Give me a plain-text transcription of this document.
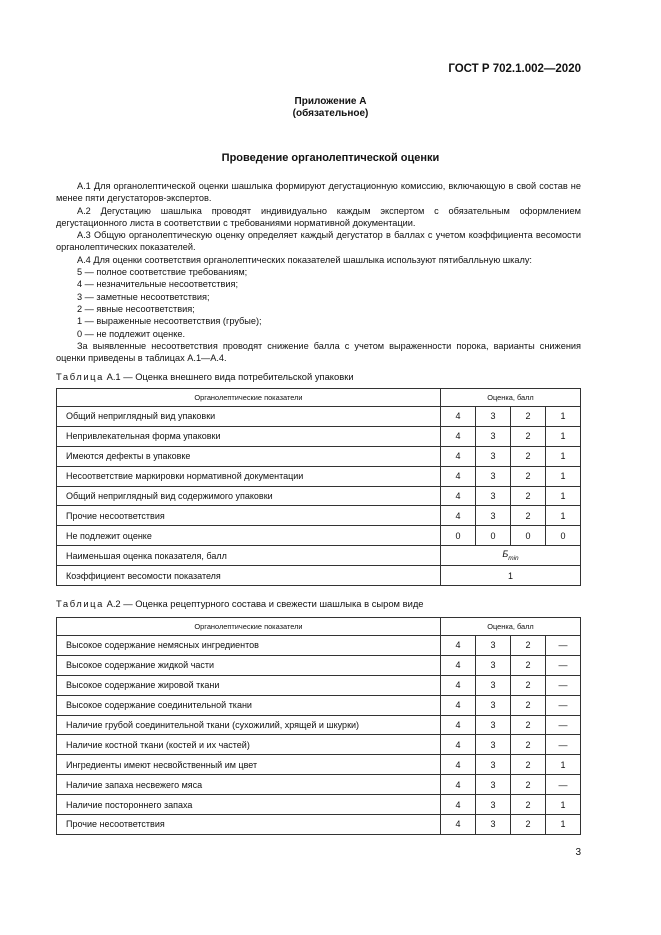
ГОСТ Р 702.1.002—2020
Приложение А
(обязательное)
Проведение органолептической оценки

А.1 Для органолептической оценки шашлыка формируют дегустационную комиссию, включающую в свой состав не менее пяти дегустаторов-экспертов.

А.2 Дегустацию шашлыка проводят индивидуально каждым экспертом с обязательным оформлением дегустационного листа в соответствии с требованиями нормативной документации.

А.3 Общую органолептическую оценку определяет каждый дегустатор в баллах с учетом коэффициента весомости органолептических показателей.

А.4 Для оценки соответствия органолептических показателей шашлыка используют пятибалльную шкалу:

5 — полное соответствие требованиям;

4 — незначительные несоответствия;

3 — заметные несоответствия;

2 — явные несоответствия;

1 — выраженные несоответствия (грубые);

0 — не подлежит оценке.

За выявленные несоответствия проводят снижение балла с учетом выраженности порока, варианты снижения оценки приведены в таблицах А.1—А.4.

Таблица А.1 — Оценка внешнего вида потребительской упаковки
Органолептические показатели	Оценка, балл			
Общий неприглядный вид упаковки	4	3	2	1
Непривлекательная форма упаковки	4	3	2	1
Имеются дефекты в упаковке	4	3	2	1
Несоответствие маркировки нормативной документации	4	3	2	1
Общий неприглядный вид содержимого упаковки	4	3	2	1
Прочие несоответствия	4	3	2	1
Не подлежит оценке	0	0	0	0
Наименьшая оценка показателя, балл	$Б_{min}$
Коэффициент весомости показателя	1			
Таблица А.2 — Оценка рецептурного состава и свежести шашлыка в сыром виде
Органолептические показатели	Оценка, балл			
Высокое содержание немясных ингредиентов	4	3	2	—
Высокое содержание жидкой части	4	3	2	—
Высокое содержание жировой ткани	4	3	2	—
Высокое содержание соединительной ткани	4	3	2	—
Наличие грубой соединительной ткани (сухожилий, хрящей и шкурки)	4	3	2	—
Наличие костной ткани (костей и их частей)	4	3	2	—
Ингредиенты имеют несвойственный им цвет	4	3	2	1
Наличие запаха несвежего мяса	4	3	2	—
Наличие постороннего запаха	4	3	2	1
Прочие несоответствия	4	3	2	1
3
